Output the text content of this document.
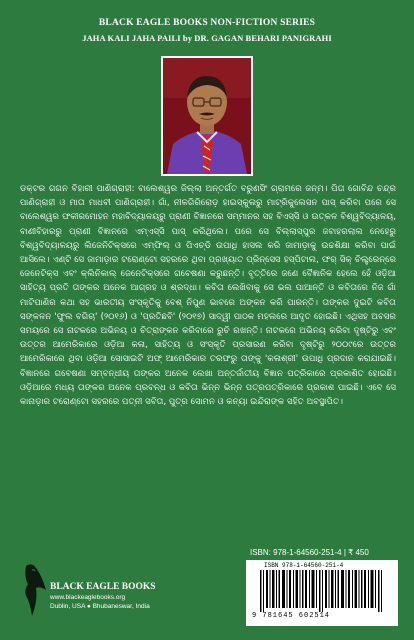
BLACK EAGLE BOOKS NON-FICTION SERIES
JAHA KALI JAHA PAILI by DR. GAGAN BEHARI PANIGRAHI
ଡକ୍ଟର ଗଗନ ବିହାରୀ ପାଣିଗ୍ରାହୀ: ବାଲେଶ୍ୱର ଜିଲ୍ଲା ଅନ୍ତର୍ଗତ ବରୁଣସିଂ ଗ୍ରାମରେ ଜନ୍ମ। ପିତା ଗୋବିନ୍ଦ ଚନ୍ଦ୍ର ପାଣିଗ୍ରାହୀ ଓ ମାତା ମାଧବୀ ପାଣିଗ୍ରାହୀ। ଗାଁ, ନୀଳଗିରିରୋଡ଼ ହାଇସ୍କୁଲରୁ ମାଟ୍ରିକୁଲେସନ ପାସ୍ କରିବା ପରେ ସେ ବାଲେଶ୍ୱର ଫକୀରମୋହନ ମହାବିଦ୍ୟାଳୟରୁ ପ୍ରାଣୀ ବିଜ୍ଞାନରେ ସମ୍ମାନର ସହ ବିଏସ୍‌ସି ଓ ଉତ୍କଳ ବିଶ୍ୱବିଦ୍ୟାଳୟ, ବାଣୀବିହାରରୁ ପ୍ରାଣୀ ବିଜ୍ଞାନରେ ଏମ୍‌ଏସ୍‌ସି ପାସ୍ କରିଥିଲେ। ପରେ ସେ ବିଲ୍ଲାସ୍ପୁର ଜବାହରଲାଲ ନେହେରୁ ବିଶ୍ୱବିଦ୍ୟାଳୟରୁ ଲିଜେନିଟିକ୍ସରେ ଏମ୍‌ଫିଲ୍ ଓ ପିଏଚ୍‌ଡି ଉପାଧି ହାସଲ କରି ଜାମାଡ଼ାକୁ ଉଚ୍ଚଶିକ୍ଷା କରିବା ପାଇଁ ଆସିଲେ। ଏଣ୍ଟି ସେ ଜାମାଡ଼ାର ଟରୋଣ୍ଟୋ ସହରରେ ଥିବା ପ୍ରଖ୍ୟାତ ପ୍ରିନ୍ସେସ ହସ୍‌ପିଟାଲ, ଫର୍ ସିକ୍ ଚିଲ୍ଡ୍ରେନ୍‌ରେ ଜେନେଟିକ୍ସ ଏବଂ କ୍ଲିନିକାଲ୍ ଜେନେଟିକ୍ସରେ ଗବେଷଣା କରୁଛନ୍ତି। ବୃତ୍ତିରେ ଜଣେ ବୈଜ୍ଞାନିକ ହେଲେ ହେଁ ଓଡ଼ିଆ ସାହିତ୍ୟ ପ୍ରତି ତାଙ୍କର ଅନେକ ଆଗ୍ରହ ଓ ଶ୍ରଦ୍ଧା। କବିତା ଲେଖିବାକୁ ସେ ଭଲ ପାଆନ୍ତି ଓ କବିତାରେ ନିଜ ଗାଁ ମାଟିପାଣିର କଥା ସହ ଭାରତୀୟ ସଂସ୍କୃତିକୁ ବେଶ୍ ନିପୁଣ ଭାବରେ ଅଙ୍କନ କରି ପାରନ୍ତି। ତାଙ୍କର ଦୁଇଟି କବିତା ସଙ୍କଳନ 'ଫୁଲ ବଗିଚା' (୨୦୧୬) ଓ 'ପ୍ରତିଛବି' (୨୦୧୭) ସାଦ୍ୱୀ ପାଠକ ମହଲରେ ଆଦୃତ ହୋଇଛି। ଏଥିସହ ଅବସର ସମୟରେ ସେ ନାଟକରେ ଅଭିନୟ ଓ ଚିତ୍ରାଙ୍କନ କରିବାରେ ରୁଚି ରଖନ୍ତି। ନାଟକରେ ଅଭିନୟ କରିବା ଦୃଷ୍ଟିରୁ ଏବଂ ଉତ୍ତର ଆମେରିକାରେ ଓଡ଼ିଆ କଳା, ସାହିତ୍ୟ ଓ ସଂସ୍କୃତି ପ୍ରସାରଣ କରିବା ଦୃଷ୍ଟିରୁ ୨୦୦୯ରେ ଉତ୍ତର ଆମେରିକାରେ ଥିବା ଓଡ଼ିଆ ସୋସାଇଟି ଅଫ୍ ଆମେରିକାର ତରଫରୁ ତାଙ୍କୁ 'କଳାଶ୍ରୀ' ଉପାଧି ପ୍ରଦାନ କରାଯାଇଛି। ବିଜ୍ଞାନରେ ଗବେଷଣା ସମ୍ବନ୍ଧୀୟ ତାଙ୍କର ଅନେକ ଲେଖା ଅନ୍ତର୍ଜାତୀୟ ବିଜ୍ଞାନ ପତ୍ରିକାରେ ପ୍ରକାଶିତ ହୋଇଛି। ଓଡ଼ିଆରେ ମଧ୍ୟ ତାଙ୍କର ଅନେକ ପ୍ରବନ୍ଧ ଓ କବିତା ଭିନ୍ନ ଭିନ୍ନ ପତ୍ରପତ୍ରିକାରେ ପ୍ରକାଶ ପାଇଛି। ଏବେ ସେ କାନାଡ଼ାର ଟରୋଣ୍ଟୋ ସହରରେ ପତ୍ନୀ ସବିତା, ପୁତ୍ର ସୋମନ ଓ କନ୍ୟା ଇନ୍ଦିରାଙ୍କ ସହିତ ଅବସ୍ଥାପିତ।
ISBN: 978-1-64560-251-4 | ₹ 450
ISBN 978-1-64560-251-4
9 781645 602514
BLACK EAGLE BOOKS
www.blackeaglebooks.org
Dublin, USA ● Bhubaneswar, India
